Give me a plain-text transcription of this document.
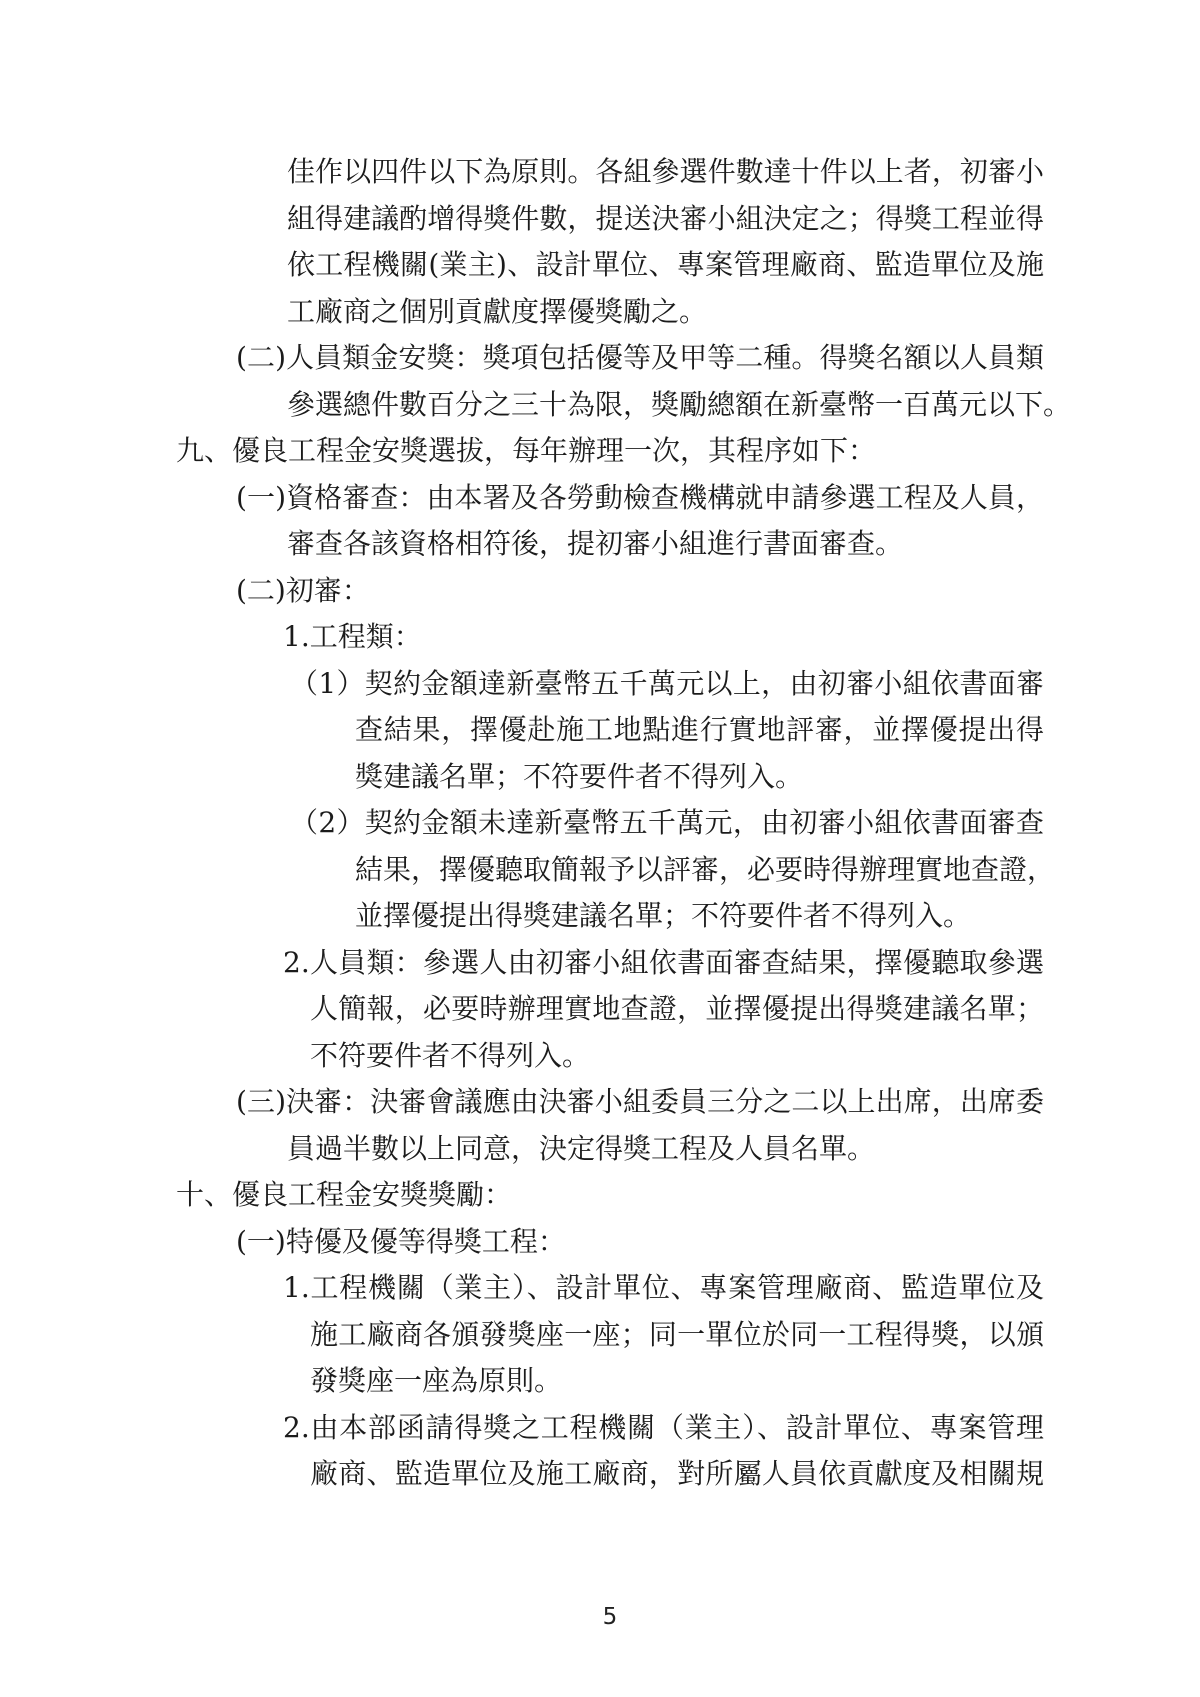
佳作以四件以下為原則。各組參選件數達十件以上者，初審小
組得建議酌增得獎件數，提送決審小組決定之；得獎工程並得
依工程機關(業主)、設計單位、專案管理廠商、監造單位及施
工廠商之個別貢獻度擇優獎勵之。
(二)人員類金安獎：獎項包括優等及甲等二種。得獎名額以人員類
參選總件數百分之三十為限，獎勵總額在新臺幣一百萬元以下。
九、優良工程金安獎選拔，每年辦理一次，其程序如下：
(一)資格審查：由本署及各勞動檢查機構就申請參選工程及人員，
審查各該資格相符後，提初審小組進行書面審查。
(二)初審：
1.工程類：
（1）契約金額達新臺幣五千萬元以上，由初審小組依書面審
查結果，擇優赴施工地點進行實地評審，並擇優提出得
獎建議名單；不符要件者不得列入。
（2）契約金額未達新臺幣五千萬元，由初審小組依書面審查
結果，擇優聽取簡報予以評審，必要時得辦理實地查證，
並擇優提出得獎建議名單；不符要件者不得列入。
2.人員類：參選人由初審小組依書面審查結果，擇優聽取參選
人簡報，必要時辦理實地查證，並擇優提出得獎建議名單；
不符要件者不得列入。
(三)決審：決審會議應由決審小組委員三分之二以上出席，出席委
員過半數以上同意，決定得獎工程及人員名單。
十、優良工程金安獎獎勵：
(一)特優及優等得獎工程：
1.工程機關（業主）、設計單位、專案管理廠商、監造單位及
施工廠商各頒發獎座一座；同一單位於同一工程得獎，以頒
發獎座一座為原則。
2.由本部函請得獎之工程機關（業主）、設計單位、專案管理
廠商、監造單位及施工廠商，對所屬人員依貢獻度及相關規
5
